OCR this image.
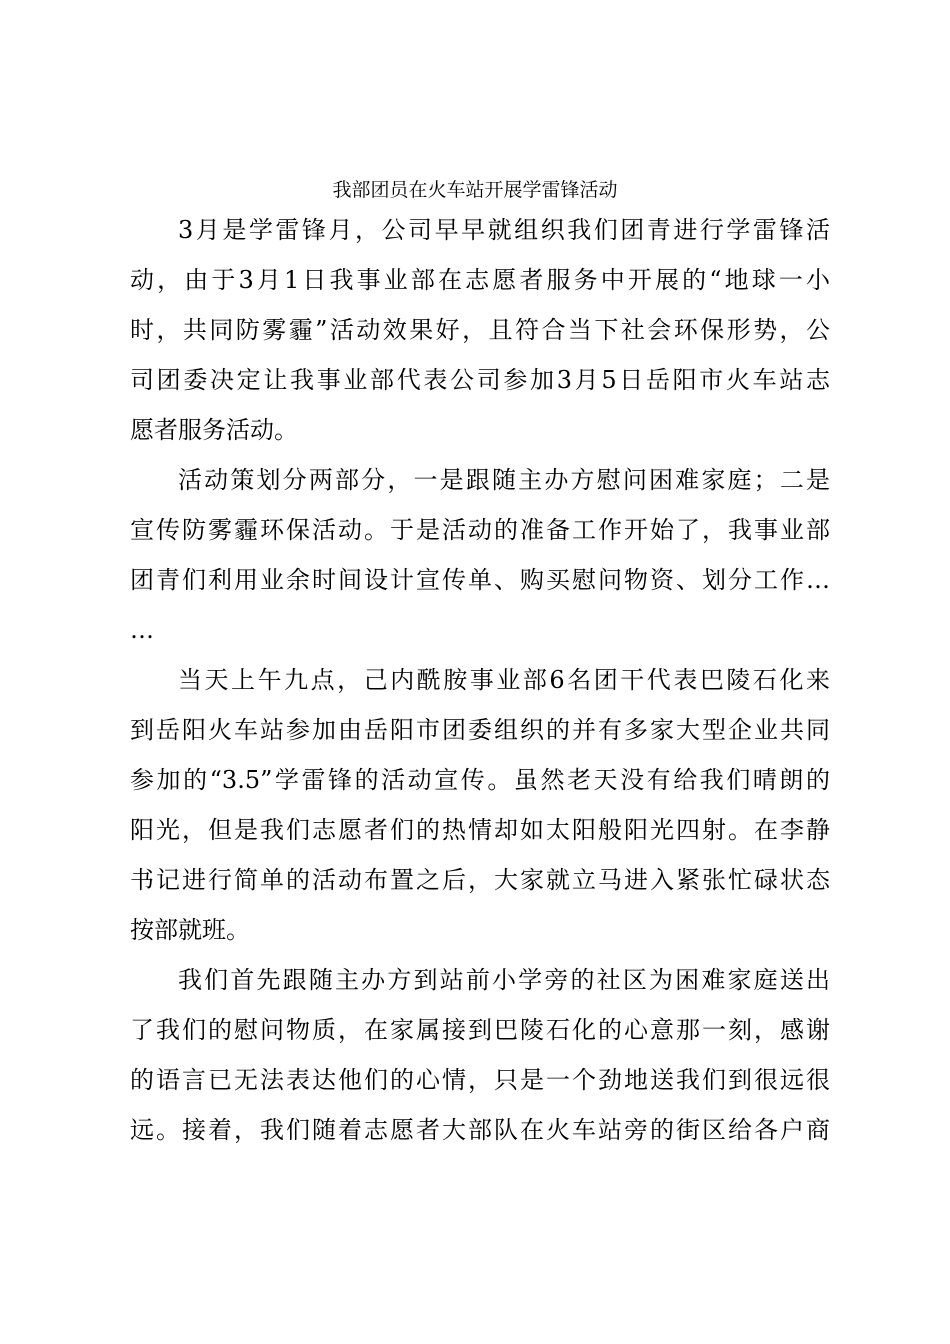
我部团员在火车站开展学雷锋活动
3月是学雷锋月，公司早早就组织我们团青进行学雷锋活
动，由于3月1日我事业部在志愿者服务中开展的“地球一小
时，共同防雾霾”活动效果好，且符合当下社会环保形势，公
司团委决定让我事业部代表公司参加3月5日岳阳市火车站志
愿者服务活动。
活动策划分两部分，一是跟随主办方慰问困难家庭；二是
宣传防雾霾环保活动。于是活动的准备工作开始了，我事业部
团青们利用业余时间设计宣传单、购买慰问物资、划分工作…
…
当天上午九点，己内酰胺事业部6名团干代表巴陵石化来
到岳阳火车站参加由岳阳市团委组织的并有多家大型企业共同
参加的“3.5”学雷锋的活动宣传。虽然老天没有给我们晴朗的
阳光，但是我们志愿者们的热情却如太阳般阳光四射。在李静
书记进行简单的活动布置之后，大家就立马进入紧张忙碌状态
按部就班。
我们首先跟随主办方到站前小学旁的社区为困难家庭送出
了我们的慰问物质，在家属接到巴陵石化的心意那一刻，感谢
的语言已无法表达他们的心情，只是一个劲地送我们到很远很
远。接着，我们随着志愿者大部队在火车站旁的街区给各户商
